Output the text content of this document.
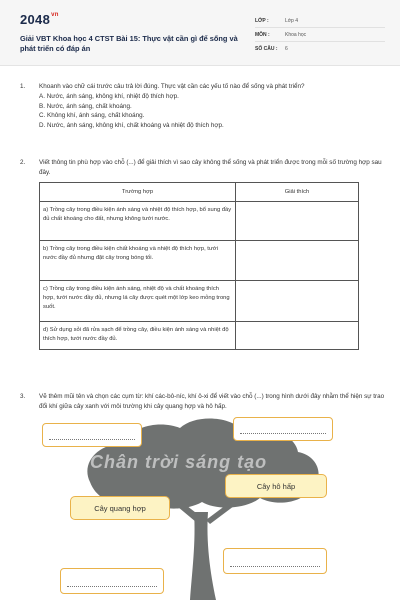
$2048^{vn}$
Giải VBT Khoa học 4 CTST Bài 15: Thực vật cần gì để sống và phát triển có đáp án
LỚP :	Lớp 4
MÔN :	Khoa học
SỐ CÂU :	6
1.	Khoanh vào chữ cái trước câu trả lời đúng. Thực vật cần các yếu tố nào để sống và phát triển?
A. Nước, ánh sáng, không khí, nhiệt độ thích hợp.
B. Nước, ánh sáng, chất khoáng.
C. Không khí, ánh sáng, chất khoáng.
D. Nước, ánh sáng, không khí, chất khoáng và nhiệt độ thích hợp.
2.	Viết thông tin phù hợp vào chỗ (...) để giải thích vì sao cây không thể sống và phát triển được trong mỗi số trường hợp sau đây.
Trường hợp	Giải thích
a) Trồng cây trong điều kiện ánh sáng và nhiệt độ thích hợp, bổ sung đầy đủ chất khoáng cho đất, nhưng không tưới nước.	
b) Trồng cây trong điều kiện chất khoáng và nhiệt độ thích hợp, tưới nước đầy đủ nhưng đặt cây trong bóng tối.	
c) Trồng cây trong điều kiện ánh sáng, nhiệt độ và chất khoáng thích hợp, tưới nước đầy đủ, nhưng lá cây được quét một lớp keo mỏng trong suốt.	
d) Sử dụng sỏi đã rửa sạch để trồng cây, điều kiện ánh sáng và nhiệt độ thích hợp, tưới nước đầy đủ.	
3.	Vẽ thêm mũi tên và chọn các cụm từ: khí các-bô-níc, khí ô-xi để viết vào chỗ (...) trong hình dưới đây nhằm thể hiện sự trao đổi khí giữa cây xanh với môi trường khi cây quang hợp và hô hấp.
Chân trời sáng tạo
Cây hô hấp
Cây quang hợp
